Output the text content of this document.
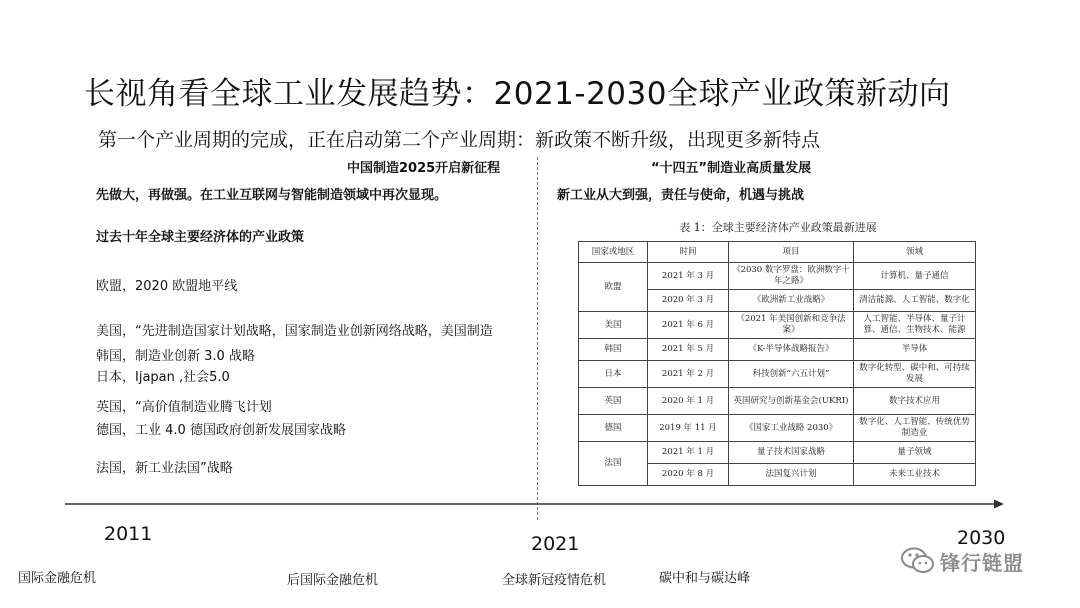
长视角看全球工业发展趋势：2021-2030全球产业政策新动向
第一个产业周期的完成，正在启动第二个产业周期：新政策不断升级，出现更多新特点
中国制造2025开启新征程
先做大，再做强。在工业互联网与智能制造领域中再次显现。
过去十年全球主要经济体的产业政策
欧盟，2020 欧盟地平线
美国，“先进制造国家计划战略，国家制造业创新网络战略，美国制造
韩国，制造业创新 3.0 战略
日本，Ijapan ,社会5.0
英国，“高价值制造业腾飞计划
德国，工业 4.0 德国政府创新发展国家战略
法国，新工业法国”战略
“十四五”制造业高质量发展
新工业从大到强，责任与使命，机遇与挑战
表 1：全球主要经济体产业政策最新进展
国家或地区	时间	项目	领域
欧盟	2021 年 3 月	《2030 数字罗盘：欧洲数字十年之路》	计算机、量子通信
	2020 年 3 月	《欧洲新工业战略》	清洁能源、人工智能、数字化
美国	2021 年 6 月	《2021 年美国创新和竞争法案》	人工智能、半导体、量子计算、通信、生物技术、能源
韩国	2021 年 5 月	《K-半导体战略报告》	半导体
日本	2021 年 2 月	科技创新“六五计划”	数字化转型、碳中和、可持续发展
英国	2020 年 1 月	英国研究与创新基金会(UKRI)	数字技术应用
德国	2019 年 11 月	《国家工业战略 2030》	数字化、人工智能、传统优势制造业
法国	2021 年 1 月	量子技术国家战略	量子领域
	2020 年 8 月	法国复兴计划	未来工业技术
2011	2021	2030
国际金融危机	后国际金融危机	全球新冠疫情危机	碳中和与碳达峰
锋行链盟
